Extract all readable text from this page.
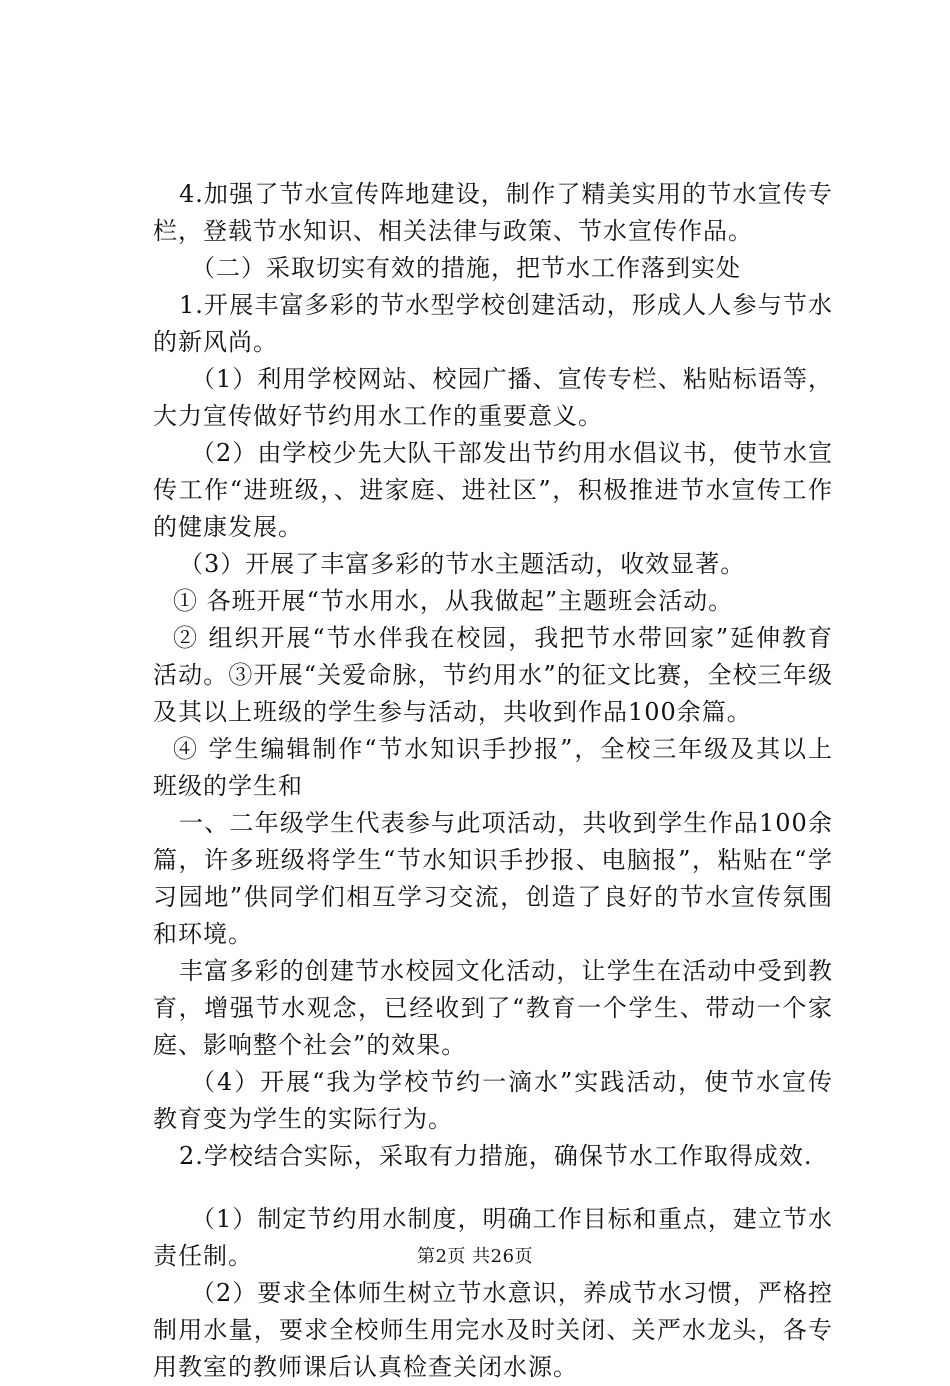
4.加强了节水宣传阵地建设，制作了精美实用的节水宣传专栏，登载节水知识、相关法律与政策、节水宣传作品。

（二）采取切实有效的措施，把节水工作落到实处

1.开展丰富多彩的节水型学校创建活动，形成人人参与节水的新风尚。

（1）利用学校网站、校园广播、宣传专栏、粘贴标语等，大力宣传做好节约用水工作的重要意义。

（2）由学校少先大队干部发出节约用水倡议书，使节水宣传工作“进班级，、进家庭、进社区”，积极推进节水宣传工作的健康发展。

（3）开展了丰富多彩的节水主题活动，收效显著。

① 各班开展“节水用水，从我做起”主题班会活动。

② 组织开展“节水伴我在校园，我把节水带回家”延伸教育活动。③开展“关爱命脉，节约用水”的征文比赛，全校三年级及其以上班级的学生参与活动，共收到作品100余篇。

④ 学生编辑制作“节水知识手抄报”，全校三年级及其以上班级的学生和

一、二年级学生代表参与此项活动，共收到学生作品100余篇，许多班级将学生“节水知识手抄报、电脑报”，粘贴在“学习园地”供同学们相互学习交流，创造了良好的节水宣传氛围和环境。

丰富多彩的创建节水校园文化活动，让学生在活动中受到教育，增强节水观念，已经收到了“教育一个学生、带动一个家庭、影响整个社会”的效果。

（4）开展“我为学校节约一滴水”实践活动，使节水宣传教育变为学生的实际行为。

2.学校结合实际，采取有力措施，确保节水工作取得成效.

（1）制定节约用水制度，明确工作目标和重点，建立节水责任制。

（2）要求全体师生树立节水意识，养成节水习惯，严格控制用水量，要求全校师生用完水及时关闭、关严水龙头，各专用教室的教师课后认真检查关闭水源。

第2页 共26页
